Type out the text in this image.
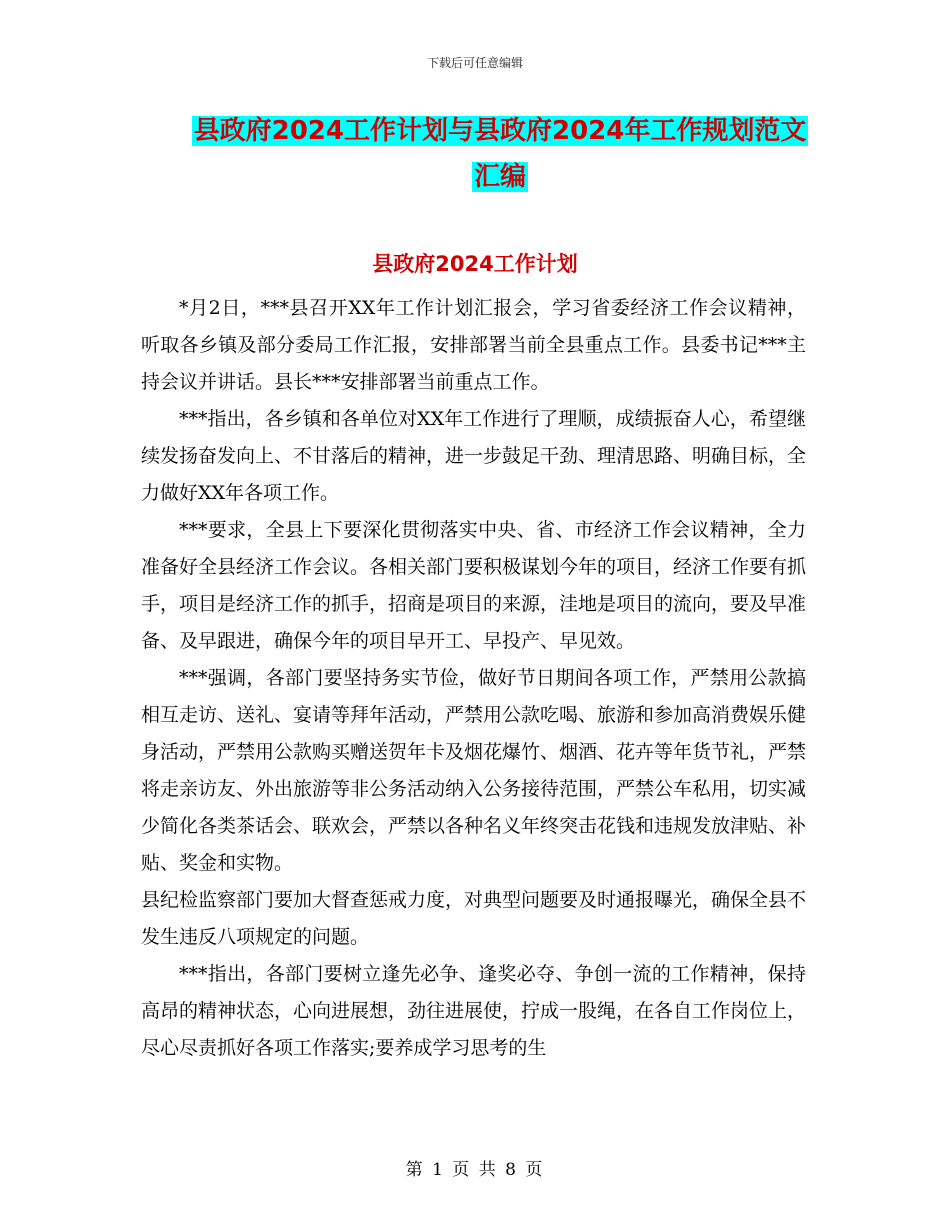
下载后可任意编辑
县政府2024工作计划与县政府2024年工作规划范文
汇编
县政府2024工作计划

*月2日，***县召开XX年工作计划汇报会，学习省委经济工作会议精神，听取各乡镇及部分委局工作汇报，安排部署当前全县重点工作。县委书记***主持会议并讲话。县长***安排部署当前重点工作。

***指出，各乡镇和各单位对XX年工作进行了理顺，成绩振奋人心，希望继续发扬奋发向上、不甘落后的精神，进一步鼓足干劲、理清思路、明确目标，全力做好XX年各项工作。

***要求，全县上下要深化贯彻落实中央、省、市经济工作会议精神，全力准备好全县经济工作会议。各相关部门要积极谋划今年的项目，经济工作要有抓手，项目是经济工作的抓手，招商是项目的来源，洼地是项目的流向，要及早准备、及早跟进，确保今年的项目早开工、早投产、早见效。

***强调，各部门要坚持务实节俭，做好节日期间各项工作，严禁用公款搞相互走访、送礼、宴请等拜年活动，严禁用公款吃喝、旅游和参加高消费娱乐健身活动，严禁用公款购买赠送贺年卡及烟花爆竹、烟酒、花卉等年货节礼，严禁将走亲访友、外出旅游等非公务活动纳入公务接待范围，严禁公车私用，切实减少简化各类茶话会、联欢会，严禁以各种名义年终突击花钱和违规发放津贴、补贴、奖金和实物。

县纪检监察部门要加大督查惩戒力度，对典型问题要及时通报曝光，确保全县不发生违反八项规定的问题。

***指出，各部门要树立逢先必争、逢奖必夺、争创一流的工作精神，保持高昂的精神状态，心向进展想，劲往进展使，拧成一股绳，在各自工作岗位上，尽心尽责抓好各项工作落实;要养成学习思考的生

第 1 页 共 8 页
